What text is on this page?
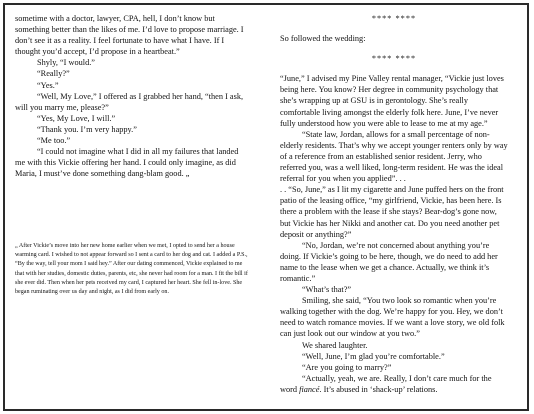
sometime with a doctor, lawyer, CPA, hell, I don’t know but something better than the likes of me. I’d love to propose marriage. I don’t see it as a reality. I feel fortunate to have what I have. If I thought you’d accept, I’d propose in a heartbeat.”

Shyly, “I would.”

“Really?”

“Yes.”

“Well, My Love,” I offered as I grabbed her hand, “then I ask, will you marry me, please?”

“Yes, My Love, I will.”

“Thank you. I’m very happy.”

“Me too.”

“I could not imagine what I did in all my failures that landed me with this Vickie offering her hand. I could only imagine, as did Maria, I must’ve done something dang-blam good. „

„ After Vickie’s move into her new home earlier when we met, I opted to send her a house warming card. I wished to not appear forward so I sent a card to her dog and cat. I added a P.S., “By the way, tell your mom I said hey.” After our dating commenced, Vickie explained to me that with her studies, domestic duties, parents, etc, she never had room for a man. I fit the bill if she ever did. Then when her pets received my card, I captured her heart. She fell in-love. She began ruminating over us day and night, as I did from early on.

**** ****

So followed the wedding:

**** ****

“June,” I advised my Pine Valley rental manager, “Vickie just loves being here. You know? Her degree in community psychology that she’s wrapping up at GSU is in gerontology. She’s really comfortable living amongst the elderly folk here. June, I’ve never fully understood how you were able to lease to me at my age.”

“State law, Jordan, allows for a small percentage of non-elderly residents. That’s why we accept younger renters only by way of a reference from an established senior resident. Jerry, who referred you, was a well liked, long-term resident. He was the ideal referral for you when you applied”. . .

. . “So, June,” as I lit my cigarette and June puffed hers on the front patio of the leasing office, “my girlfriend, Vickie, has been here. Is there a problem with the lease if she stays? Bear-dog’s gone now, but Vickie has her Nikki and another cat. Do you need another pet deposit or anything?”

“No, Jordan, we’re not concerned about anything you’re doing. If Vickie’s going to be here, though, we do need to add her name to the lease when we get a chance. Actually, we think it’s romantic.”

“What’s that?”

Smiling, she said, “You two look so romantic when you’re walking together with the dog. We’re happy for you. Hey, we don’t need to watch romance movies. If we want a love story, we old folk can just look out our window at you two.”

We shared laughter.

“Well, June, I’m glad you’re comfortable.”

“Are you going to marry?”

“Actually, yeah, we are. Really, I don’t care much for the word fiancé. It’s abused in ‘shack-up’ relations.
